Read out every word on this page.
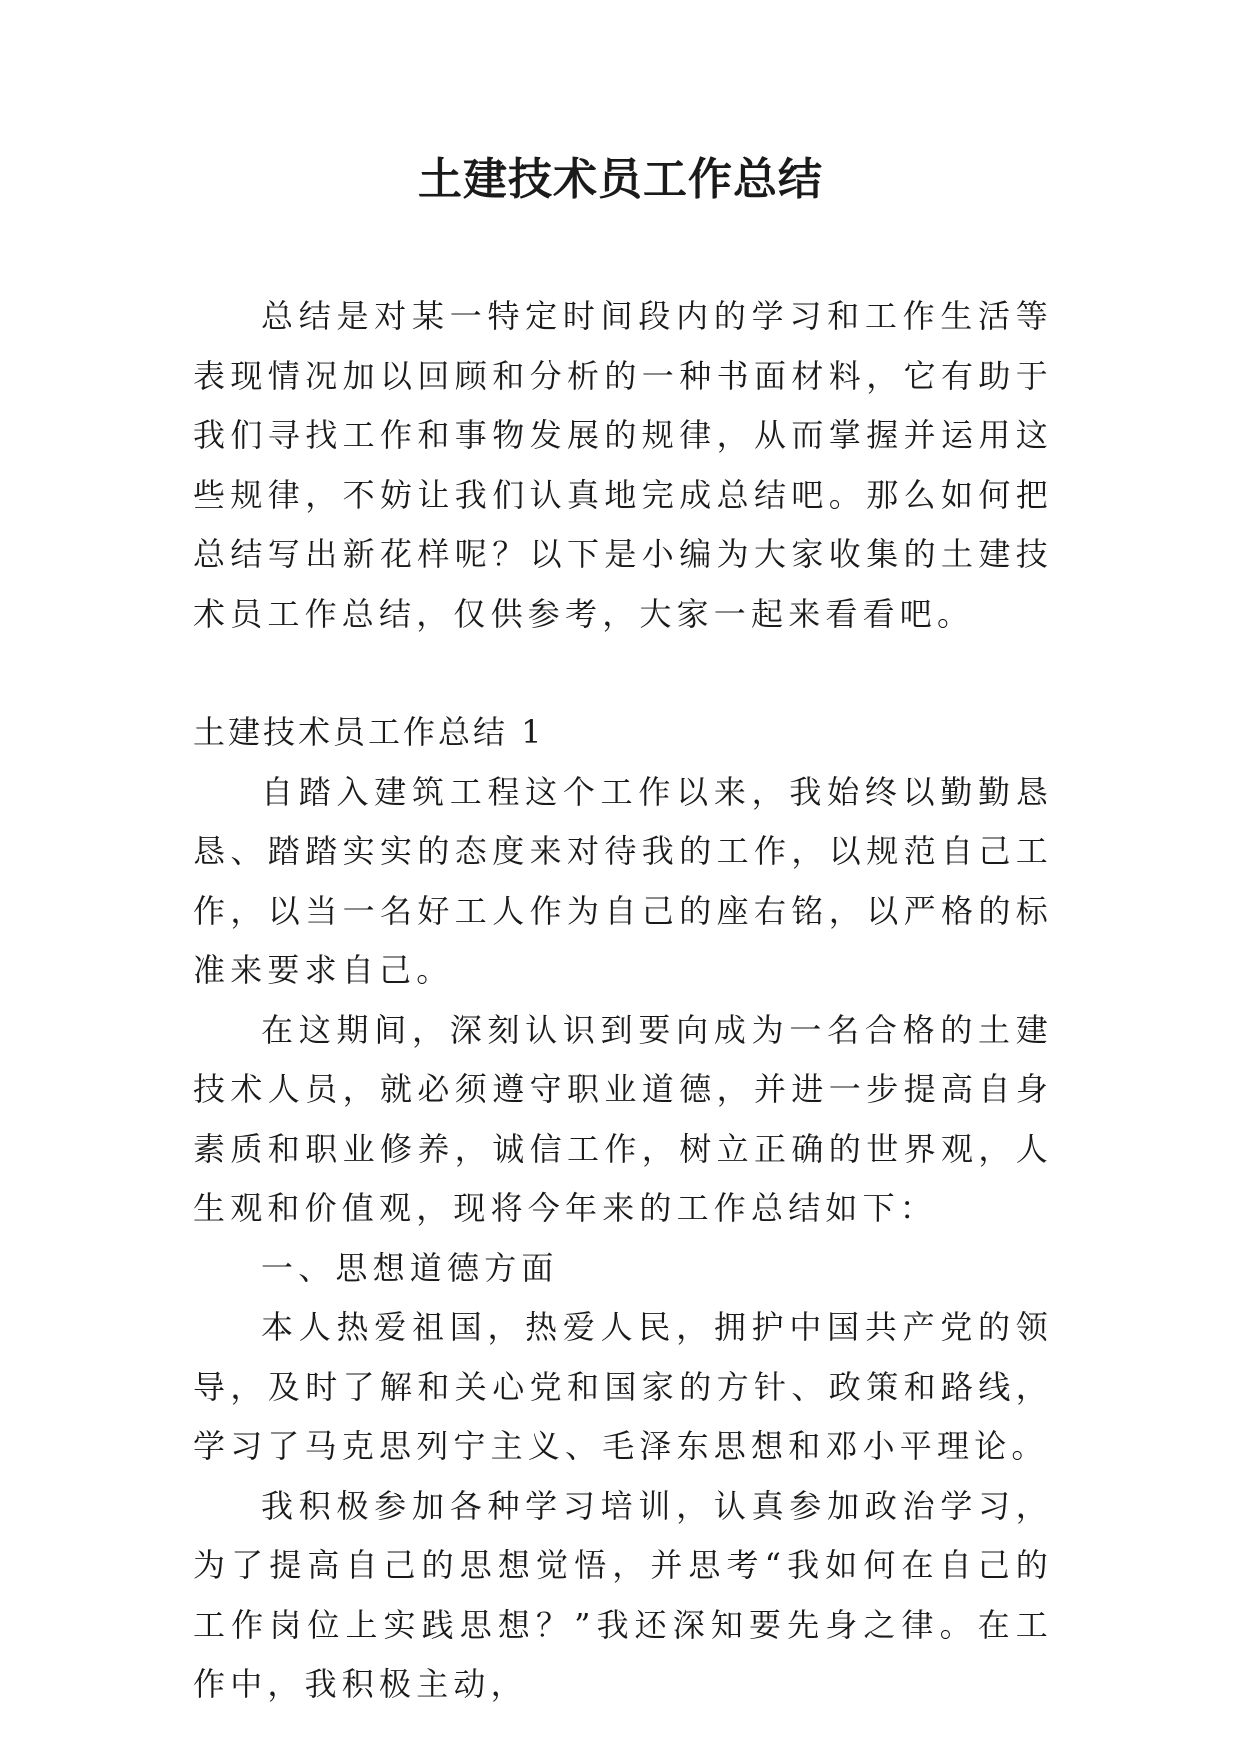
土建技术员工作总结

总结是对某一特定时间段内的学习和工作生活等表现情况加以回顾和分析的一种书面材料，它有助于我们寻找工作和事物发展的规律，从而掌握并运用这些规律，不妨让我们认真地完成总结吧。那么如何把总结写出新花样呢？以下是小编为大家收集的土建技术员工作总结，仅供参考，大家一起来看看吧。

土建技术员工作总结 1

自踏入建筑工程这个工作以来，我始终以勤勤恳恳、踏踏实实的态度来对待我的工作，以规范自己工作，以当一名好工人作为自己的座右铭，以严格的标准来要求自己。

在这期间，深刻认识到要向成为一名合格的土建技术人员，就必须遵守职业道德，并进一步提高自身素质和职业修养，诚信工作，树立正确的世界观，人生观和价值观，现将今年来的工作总结如下：

一、思想道德方面

本人热爱祖国，热爱人民，拥护中国共产党的领导，及时了解和关心党和国家的方针、政策和路线，学习了马克思列宁主义、毛泽东思想和邓小平理论。

我积极参加各种学习培训，认真参加政治学习，为了提高自己的思想觉悟，并思考“我如何在自己的工作岗位上实践思想？”我还深知要先身之律。在工作中，我积极主动，
